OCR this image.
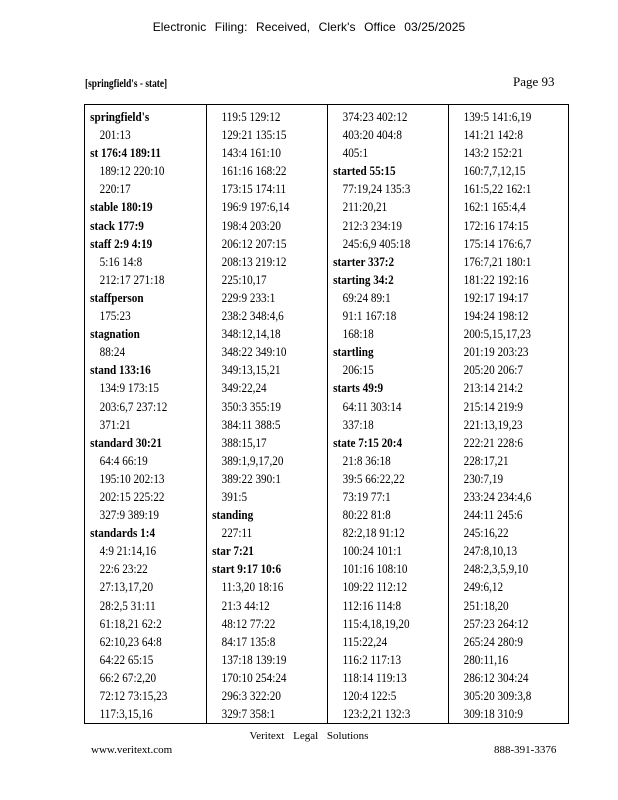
Electronic Filing: Received, Clerk's Office 03/25/2025
[springfield's - state]	Page 93
springfield's
201:13
st 176:4 189:11
189:12 220:10
220:17
stable 180:19
stack 177:9
staff 2:9 4:19
5:16 14:8
212:17 271:18
staffperson
175:23
stagnation
88:24
stand 133:16
134:9 173:15
203:6,7 237:12
371:21
standard 30:21
64:4 66:19
195:10 202:13
202:15 225:22
327:9 389:19
standards 1:4
4:9 21:14,16
22:6 23:22
27:13,17,20
28:2,5 31:11
61:18,21 62:2
62:10,23 64:8
64:22 65:15
66:2 67:2,20
72:12 73:15,23
117:3,15,16
119:5 129:12
129:21 135:15
143:4 161:10
161:16 168:22
173:15 174:11
196:9 197:6,14
198:4 203:20
206:12 207:15
208:13 219:12
225:10,17
229:9 233:1
238:2 348:4,6
348:12,14,18
348:22 349:10
349:13,15,21
349:22,24
350:3 355:19
384:11 388:5
388:15,17
389:1,9,17,20
389:22 390:1
391:5
standing
227:11
star 7:21
start 9:17 10:6
11:3,20 18:16
21:3 44:12
48:12 77:22
84:17 135:8
137:18 139:19
170:10 254:24
296:3 322:20
329:7 358:1
374:23 402:12
403:20 404:8
405:1
started 55:15
77:19,24 135:3
211:20,21
212:3 234:19
245:6,9 405:18
starter 337:2
starting 34:2
69:24 89:1
91:1 167:18
168:18
startling
206:15
starts 49:9
64:11 303:14
337:18
state 7:15 20:4
21:8 36:18
39:5 66:22,22
73:19 77:1
80:22 81:8
82:2,18 91:12
100:24 101:1
101:16 108:10
109:22 112:12
112:16 114:8
115:4,18,19,20
115:22,24
116:2 117:13
118:14 119:13
120:4 122:5
123:2,21 132:3
139:5 141:6,19
141:21 142:8
143:2 152:21
160:7,7,12,15
161:5,22 162:1
162:1 165:4,4
172:16 174:15
175:14 176:6,7
176:7,21 180:1
181:22 192:16
192:17 194:17
194:24 198:12
200:5,15,17,23
201:19 203:23
205:20 206:7
213:14 214:2
215:14 219:9
221:13,19,23
222:21 228:6
228:17,21
230:7,19
233:24 234:4,6
244:11 245:6
245:16,22
247:8,10,13
248:2,3,5,9,10
249:6,12
251:18,20
257:23 264:12
265:24 280:9
280:11,16
286:12 304:24
305:20 309:3,8
309:18 310:9
Veritext Legal Solutions
www.veritext.com	888-391-3376
